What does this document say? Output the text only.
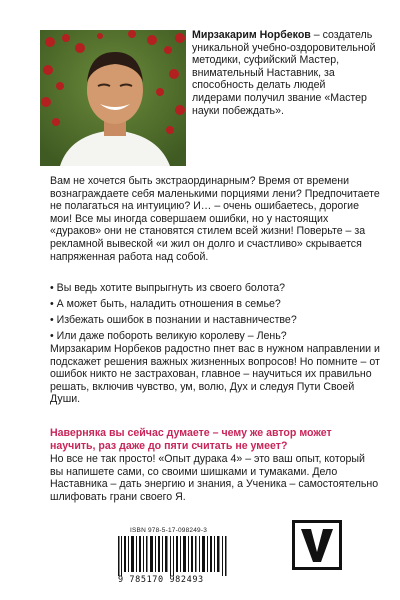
Мирзакарим Норбеков – создатель уникальной учебно-оздоровительной методики, суфийский Мастер, внимательный Наставник, за способность делать людей лидерами получил звание «Мастер науки побеждать».
Вам не хочется быть экстраординарным? Время от времени вознаграждаете себя маленькими порциями лени? Предпочитаете не полагаться на интуицию? И… – очень ошибаетесь, дорогие мои! Все мы иногда совершаем ошибки, но у настоящих «дураков» они не становятся стилем всей жизни! Поверьте – за рекламной вывеской «и жил он долго и счастливо» скрывается напряженная работа над собой.
• Вы ведь хотите выпрыгнуть из своего болота?
• А может быть, наладить отношения в семье?
• Избежать ошибок в познании и наставничестве?
• Или даже побороть великую королеву – Лень?
Мирзакарим Норбеков радостно пнет вас в нужном направлении и подскажет решения важных жизненных вопросов! Но помните – от ошибок никто не застрахован, главное – научиться их правильно решать, включив чувство, ум, волю, Дух и следуя Пути Своей Души.
Наверняка вы сейчас думаете – чему же автор может научить, раз даже до пяти считать не умеет?
Но все не так просто! «Опыт дурака 4» – это ваш опыт, который вы напишете сами, со своими шишками и тумаками. Дело Наставника – дать энергию и знания, а Ученика – самостоятельно шлифовать грани своего Я.
ISBN 978-5-17-098249-3
9 785170 982493
